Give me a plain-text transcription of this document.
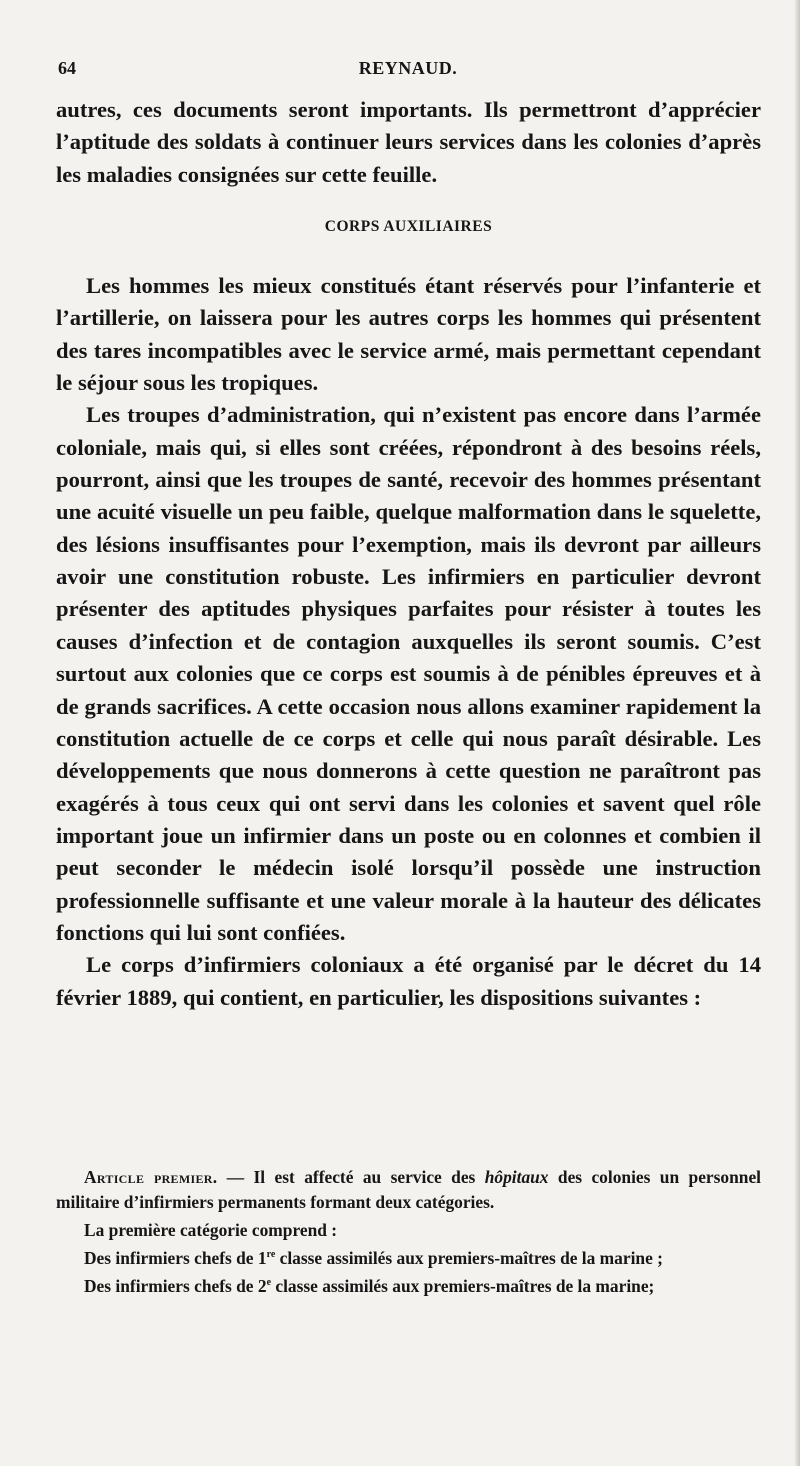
64	REYNAUD.

autres, ces documents seront importants. Ils permettront d’apprécier l’aptitude des soldats à continuer leurs services dans les colonies d’après les maladies consignées sur cette feuille.

CORPS AUXILIAIRES

Les hommes les mieux constitués étant réservés pour l’infanterie et l’artillerie, on laissera pour les autres corps les hommes qui présentent des tares incompatibles avec le service armé, mais permettant cependant le séjour sous les tropiques.

Les troupes d’administration, qui n’existent pas encore dans l’armée coloniale, mais qui, si elles sont créées, répondront à des besoins réels, pourront, ainsi que les troupes de santé, recevoir des hommes présentant une acuité visuelle un peu faible, quelque malformation dans le squelette, des lésions insuffisantes pour l’exemption, mais ils devront par ailleurs avoir une constitution robuste. Les infirmiers en particulier devront présenter des aptitudes physiques parfaites pour résister à toutes les causes d’infection et de contagion auxquelles ils seront soumis. C’est surtout aux colonies que ce corps est soumis à de pénibles épreuves et à de grands sacrifices. A cette occasion nous allons examiner rapidement la constitution actuelle de ce corps et celle qui nous paraît désirable. Les développements que nous donnerons à cette question ne paraîtront pas exagérés à tous ceux qui ont servi dans les colonies et savent quel rôle important joue un infirmier dans un poste ou en colonnes et combien il peut seconder le médecin isolé lorsqu’il possède une instruction professionnelle suffisante et une valeur morale à la hauteur des délicates fonctions qui lui sont confiées.

Le corps d’infirmiers coloniaux a été organisé par le décret du 14 février 1889, qui contient, en particulier, les dispositions suivantes :

Article premier. — Il est affecté au service des hôpitaux des colonies un personnel militaire d’infirmiers permanents formant deux catégories.

La première catégorie comprend :

Des infirmiers chefs de 1re classe assimilés aux premiers-maîtres de la marine ;

Des infirmiers chefs de 2e classe assimilés aux premiers-maîtres de la marine;
